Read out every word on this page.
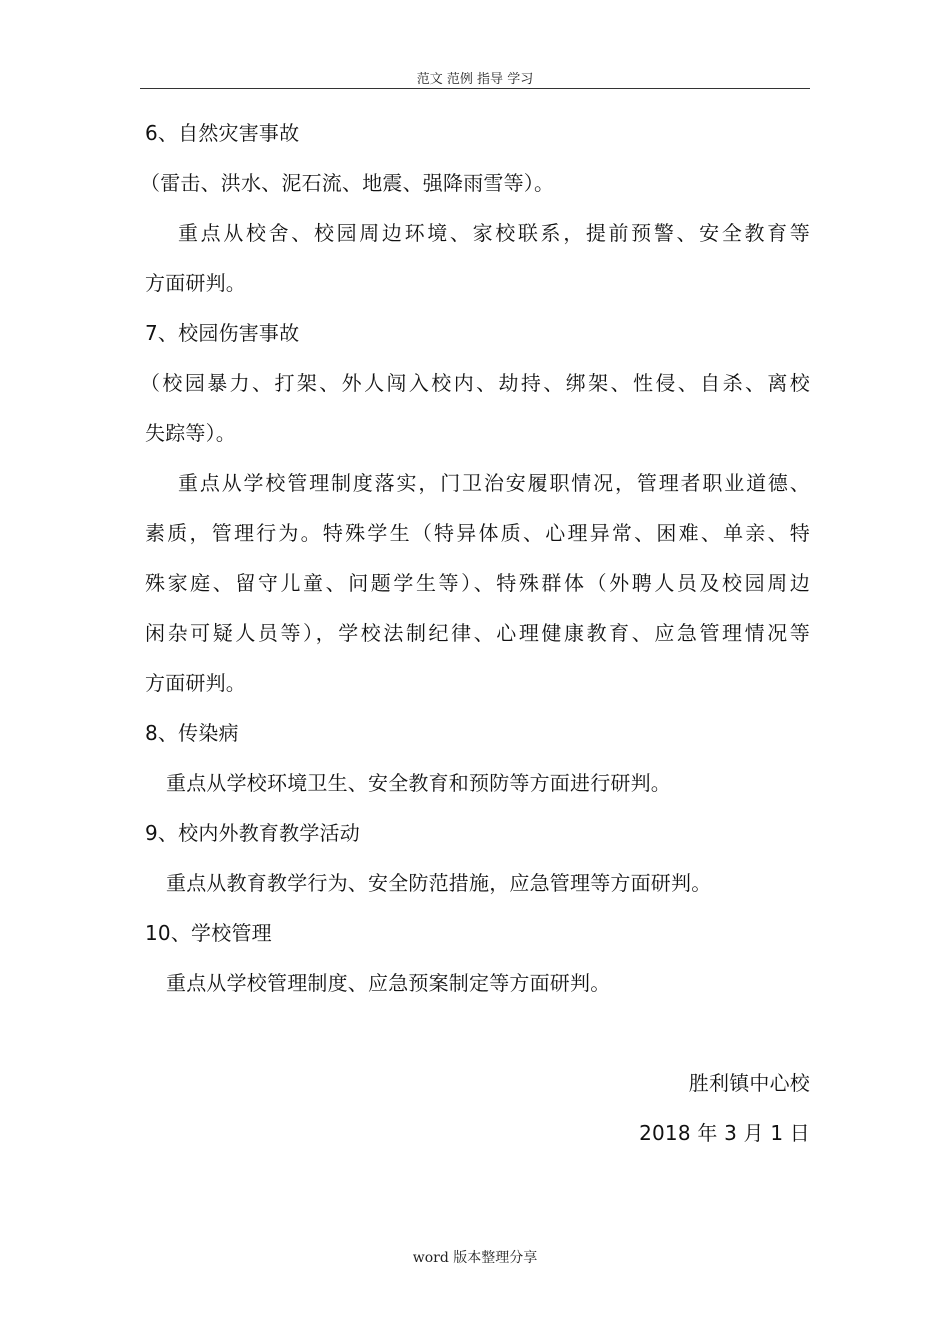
范文 范例 指导 学习
6、自然灾害事故
（雷击、洪水、泥石流、地震、强降雨雪等）。
重点从校舍、校园周边环境、家校联系，提前预警、安全教育等
方面研判。
7、校园伤害事故
（校园暴力、打架、外人闯入校内、劫持、绑架、性侵、自杀、离校
失踪等）。
重点从学校管理制度落实，门卫治安履职情况，管理者职业道德、
素质，管理行为。特殊学生（特异体质、心理异常、困难、单亲、特
殊家庭、留守儿童、问题学生等）、特殊群体（外聘人员及校园周边
闲杂可疑人员等），学校法制纪律、心理健康教育、应急管理情况等
方面研判。
8、传染病
重点从学校环境卫生、安全教育和预防等方面进行研判。
9、校内外教育教学活动
重点从教育教学行为、安全防范措施，应急管理等方面研判。
10、学校管理
重点从学校管理制度、应急预案制定等方面研判。
胜利镇中心校
2018 年 3 月 1 日
word 版本整理分享
